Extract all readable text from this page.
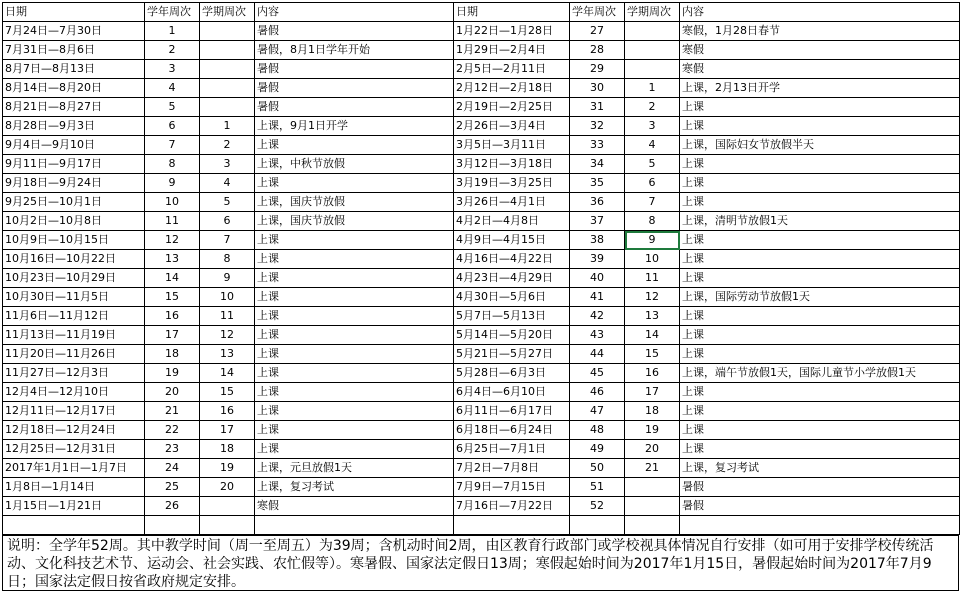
日期	学年周次	学期周次	内容	日期	学年周次	学期周次	内容
7月24日—7月30日	1		暑假	1月22日—1月28日	27		寒假，1月28日春节
7月31日—8月6日	2		暑假，8月1日学年开始	1月29日—2月4日	28		寒假
8月7日—8月13日	3		暑假	2月5日—2月11日	29		寒假
8月14日—8月20日	4		暑假	2月12日—2月18日	30	1	上课，2月13日开学
8月21日—8月27日	5		暑假	2月19日—2月25日	31	2	上课
8月28日—9月3日	6	1	上课，9月1日开学	2月26日—3月4日	32	3	上课
9月4日—9月10日	7	2	上课	3月5日—3月11日	33	4	上课，国际妇女节放假半天
9月11日—9月17日	8	3	上课，中秋节放假	3月12日—3月18日	34	5	上课
9月18日—9月24日	9	4	上课	3月19日—3月25日	35	6	上课
9月25日—10月1日	10	5	上课，国庆节放假	3月26日—4月1日	36	7	上课
10月2日—10月8日	11	6	上课，国庆节放假	4月2日—4月8日	37	8	上课，清明节放假1天
10月9日—10月15日	12	7	上课	4月9日—4月15日	38	9	上课
10月16日—10月22日	13	8	上课	4月16日—4月22日	39	10	上课
10月23日—10月29日	14	9	上课	4月23日—4月29日	40	11	上课
10月30日—11月5日	15	10	上课	4月30日—5月6日	41	12	上课，国际劳动节放假1天
11月6日—11月12日	16	11	上课	5月7日—5月13日	42	13	上课
11月13日—11月19日	17	12	上课	5月14日—5月20日	43	14	上课
11月20日—11月26日	18	13	上课	5月21日—5月27日	44	15	上课
11月27日—12月3日	19	14	上课	5月28日—6月3日	45	16	上课，端午节放假1天，国际儿童节小学放假1天
12月4日—12月10日	20	15	上课	6月4日—6月10日	46	17	上课
12月11日—12月17日	21	16	上课	6月11日—6月17日	47	18	上课
12月18日—12月24日	22	17	上课	6月18日—6月24日	48	19	上课
12月25日—12月31日	23	18	上课	6月25日—7月1日	49	20	上课
2017年1月1日—1月7日	24	19	上课，元旦放假1天	7月2日—7月8日	50	21	上课，复习考试
1月8日—1月14日	25	20	上课，复习考试	7月9日—7月15日	51		暑假
1月15日—1月21日	26		寒假	7月16日—7月22日	52		暑假

说明：全学年52周。其中教学时间（周一至周五）为39周；含机动时间2周，由区教育行政部门或学校视具体情况自行安排（如可用于安排学校传统活动、文化科技艺术节、运动会、社会实践、农忙假等）。寒暑假、国家法定假日13周；寒假起始时间为2017年1月15日，暑假起始时间为2017年7月9日；国家法定假日按省政府规定安排。
